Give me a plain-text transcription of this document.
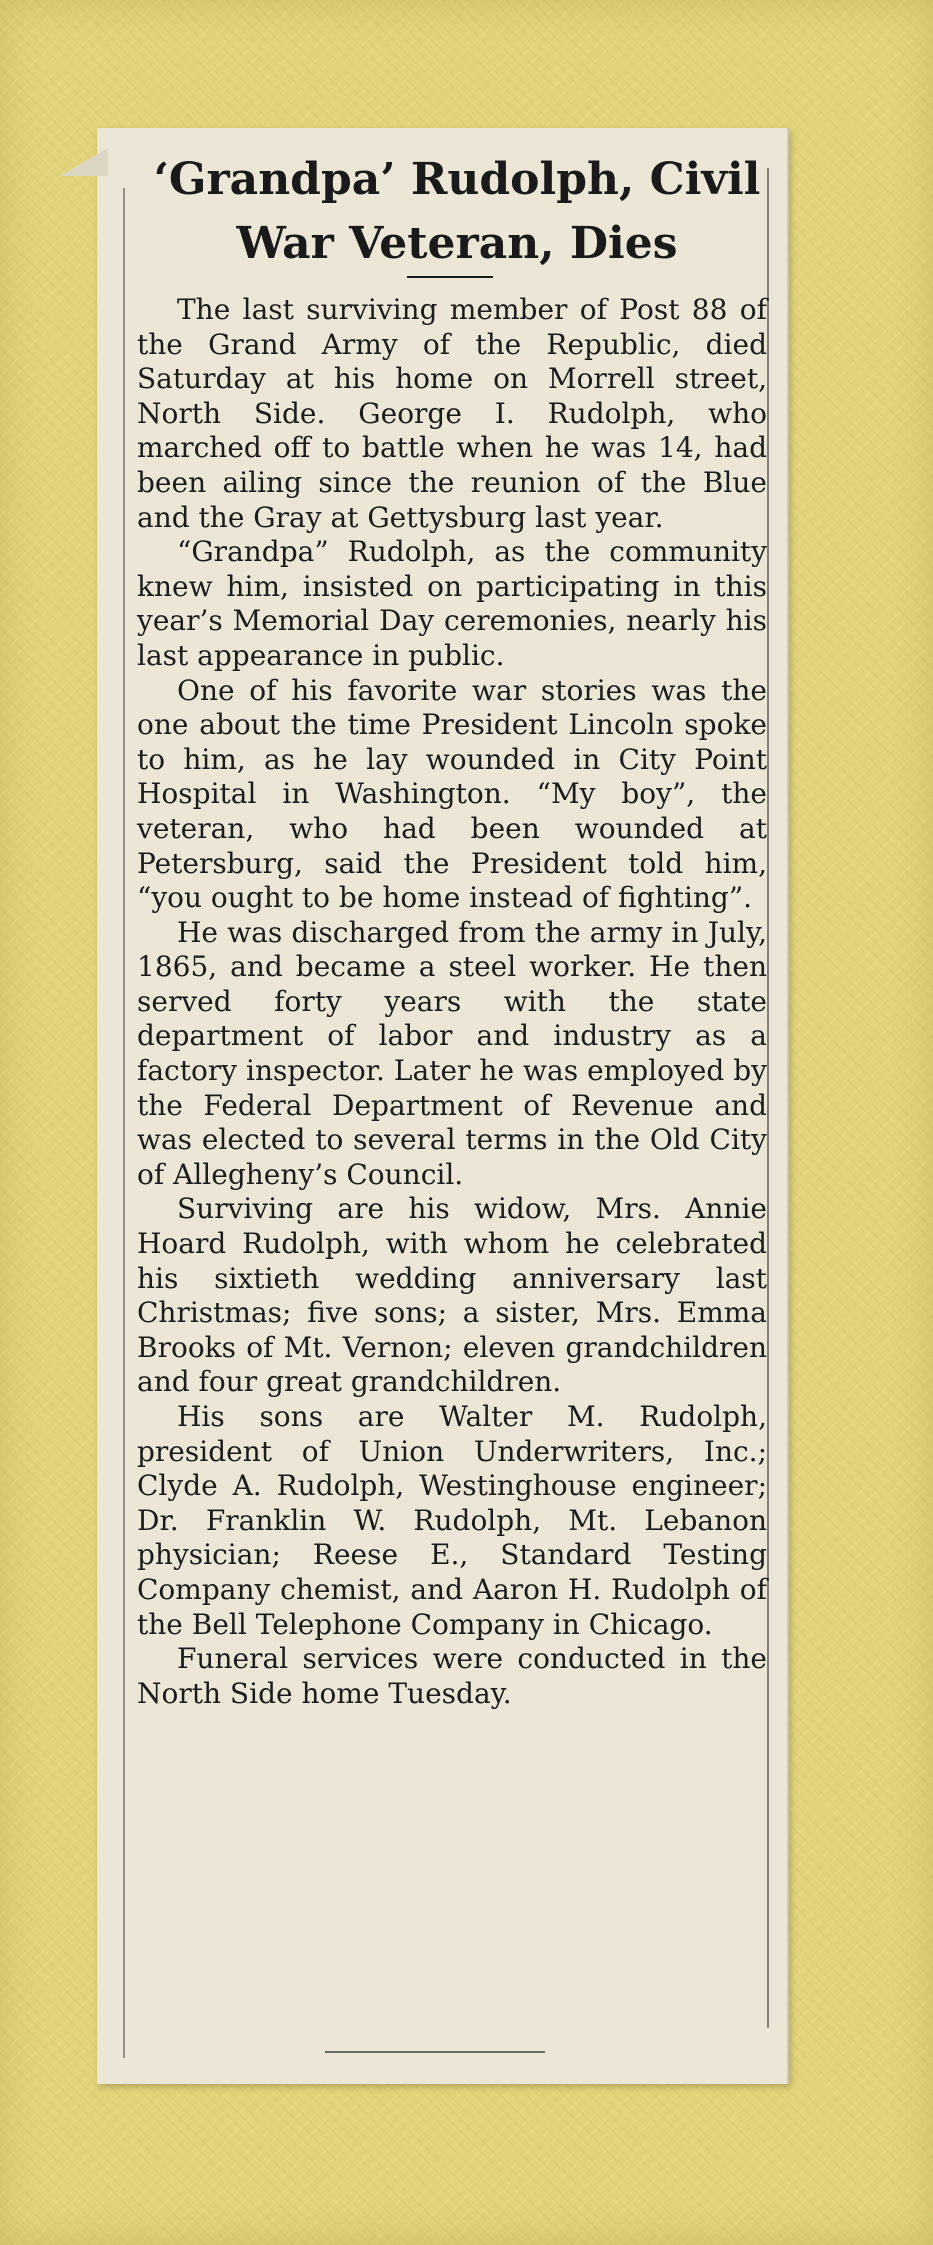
‘Grandpa’ Rudolph, Civil
War Veteran, Dies

The last surviving member of Post 88 of the Grand Army of the Republic, died Saturday at his home on Morrell street, North Side. George I. Rudolph, who marched off to battle when he was 14, had been ailing since the reunion of the Blue and the Gray at Gettysburg last year.

“Grandpa” Rudolph, as the community knew him, insisted on participating in this year’s Memorial Day ceremonies, nearly his last appearance in public.

One of his favorite war stories was the one about the time President Lincoln spoke to him, as he lay wounded in City Point Hospital in Washington. “My boy”, the veteran, who had been wounded at Petersburg, said the President told him, “you ought to be home instead of fighting”.

He was discharged from the army in July, 1865, and became a steel worker. He then served forty years with the state department of labor and industry as a factory inspector. Later he was employed by the Federal Department of Revenue and was elected to several terms in the Old City of Allegheny’s Council.

Surviving are his widow, Mrs. Annie Hoard Rudolph, with whom he celebrated his sixtieth wedding anniversary last Christmas; five sons; a sister, Mrs. Emma Brooks of Mt. Vernon; eleven grandchildren and four great grandchildren.

His sons are Walter M. Rudolph, president of Union Underwriters, Inc.; Clyde A. Rudolph, Westinghouse engineer; Dr. Franklin W. Rudolph, Mt. Lebanon physician; Reese E., Standard Testing Company chemist, and Aaron H. Rudolph of the Bell Telephone Company in Chicago.

Funeral services were conducted in the North Side home Tuesday.
